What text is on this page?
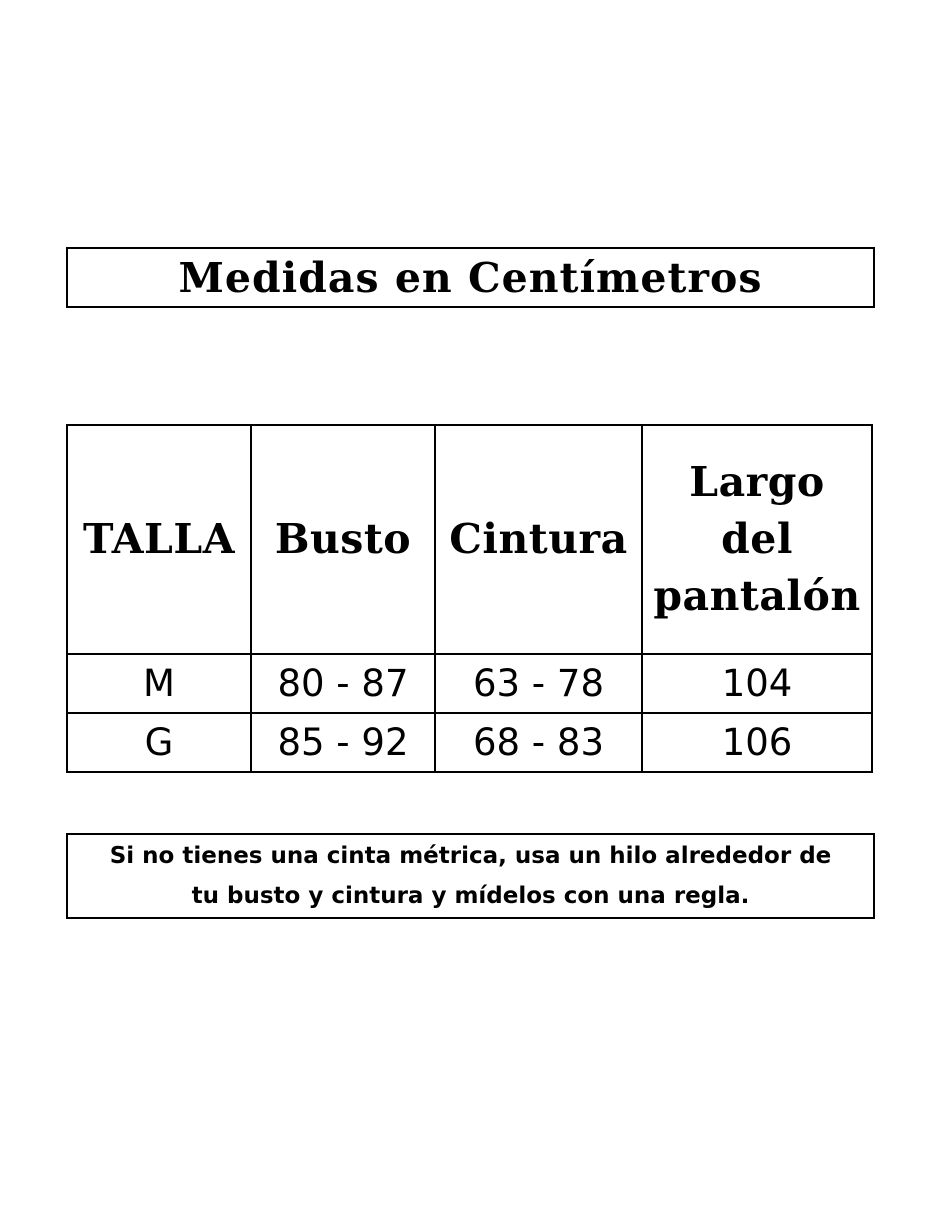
Medidas en Centímetros
TALLA	Busto	Cintura	Largo
del
pantalón
M	80 - 87	63 - 78	104
G	85 - 92	68 - 83	106
Si no tienes una cinta métrica, usa un hilo alrededor de tu busto y cintura y mídelos con una regla.
